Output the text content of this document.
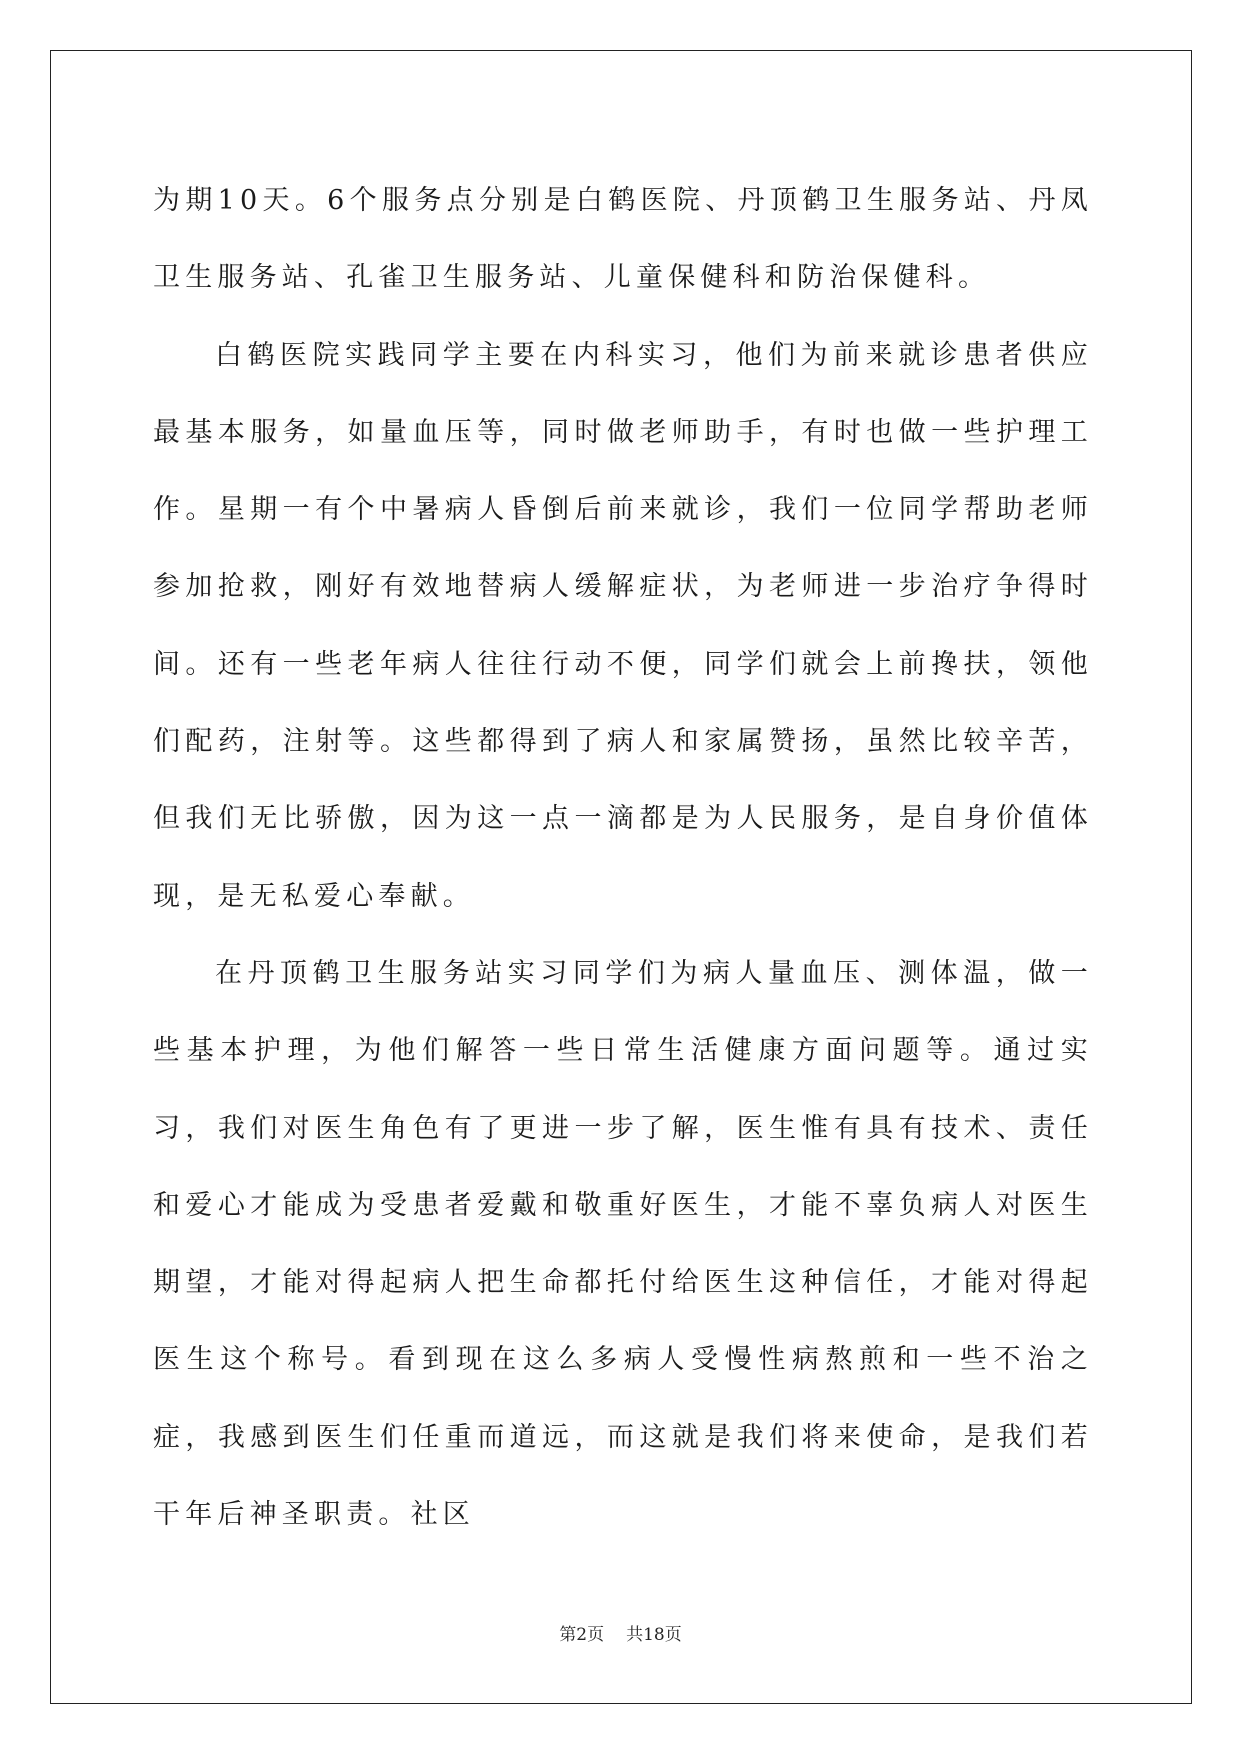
为期10天。6个服务点分别是白鹤医院、丹顶鹤卫生服务站、丹凤卫生服务站、孔雀卫生服务站、儿童保健科和防治保健科。

白鹤医院实践同学主要在内科实习，他们为前来就诊患者供应最基本服务，如量血压等，同时做老师助手，有时也做一些护理工作。星期一有个中暑病人昏倒后前来就诊，我们一位同学帮助老师参加抢救，刚好有效地替病人缓解症状，为老师进一步治疗争得时间。还有一些老年病人往往行动不便，同学们就会上前搀扶，领他们配药，注射等。这些都得到了病人和家属赞扬，虽然比较辛苦，但我们无比骄傲，因为这一点一滴都是为人民服务，是自身价值体现，是无私爱心奉献。

在丹顶鹤卫生服务站实习同学们为病人量血压、测体温，做一些基本护理，为他们解答一些日常生活健康方面问题等。通过实习，我们对医生角色有了更进一步了解，医生惟有具有技术、责任和爱心才能成为受患者爱戴和敬重好医生，才能不辜负病人对医生期望，才能对得起病人把生命都托付给医生这种信任，才能对得起医生这个称号。看到现在这么多病人受慢性病熬煎和一些不治之症，我感到医生们任重而道远，而这就是我们将来使命，是我们若干年后神圣职责。社区

第2页 共18页
